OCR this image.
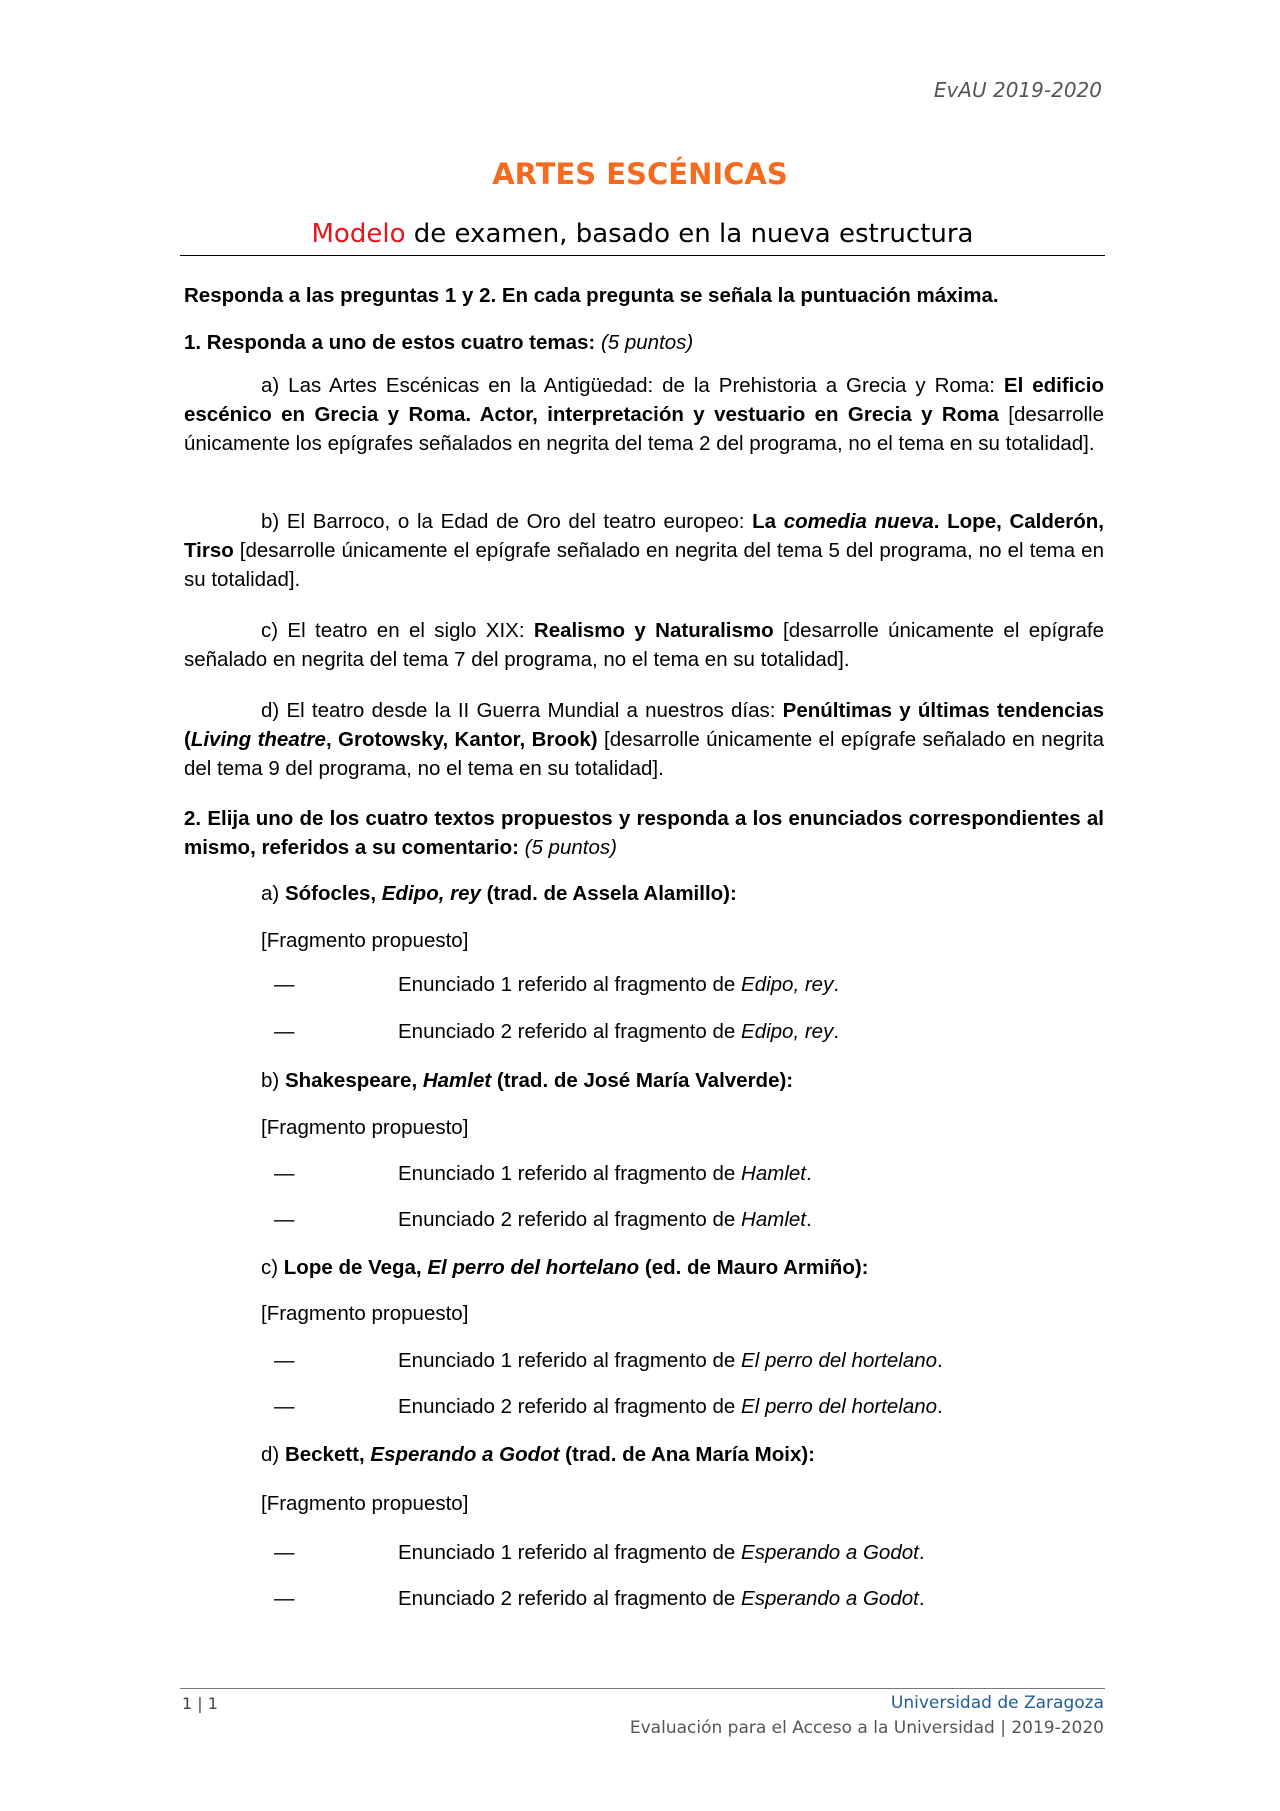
EvAU 2019-2020
ARTES ESCÉNICAS
Modelo de examen, basado en la nueva estructura
Responda a las preguntas 1 y 2. En cada pregunta se señala la puntuación máxima.
1. Responda a uno de estos cuatro temas: (5 puntos)
a) Las Artes Escénicas en la Antigüedad: de la Prehistoria a Grecia y Roma: El edificio escénico en Grecia y Roma. Actor, interpretación y vestuario en Grecia y Roma [desarrolle únicamente los epígrafes señalados en negrita del tema 2 del programa, no el tema en su totalidad].
b) El Barroco, o la Edad de Oro del teatro europeo: La comedia nueva. Lope, Calderón, Tirso [desarrolle únicamente el epígrafe señalado en negrita del tema 5 del programa, no el tema en su totalidad].
c) El teatro en el siglo XIX: Realismo y Naturalismo [desarrolle únicamente el epígrafe señalado en negrita del tema 7 del programa, no el tema en su totalidad].
d) El teatro desde la II Guerra Mundial a nuestros días: Penúltimas y últimas tendencias (Living theatre, Grotowsky, Kantor, Brook) [desarrolle únicamente el epígrafe señalado en negrita del tema 9 del programa, no el tema en su totalidad].
2. Elija uno de los cuatro textos propuestos y responda a los enunciados correspondientes al mismo, referidos a su comentario: (5 puntos)
a) Sófocles, Edipo, rey (trad. de Assela Alamillo):
[Fragmento propuesto]
—	Enunciado 1 referido al fragmento de Edipo, rey.
—	Enunciado 2 referido al fragmento de Edipo, rey.
b) Shakespeare, Hamlet (trad. de José María Valverde):
[Fragmento propuesto]
—	Enunciado 1 referido al fragmento de Hamlet.
—	Enunciado 2 referido al fragmento de Hamlet.
c) Lope de Vega, El perro del hortelano (ed. de Mauro Armiño):
[Fragmento propuesto]
—	Enunciado 1 referido al fragmento de El perro del hortelano.
—	Enunciado 2 referido al fragmento de El perro del hortelano.
d) Beckett, Esperando a Godot (trad. de Ana María Moix):
[Fragmento propuesto]
—	Enunciado 1 referido al fragmento de Esperando a Godot.
—	Enunciado 2 referido al fragmento de Esperando a Godot.
1 | 1	Universidad de Zaragoza
Evaluación para el Acceso a la Universidad | 2019-2020
